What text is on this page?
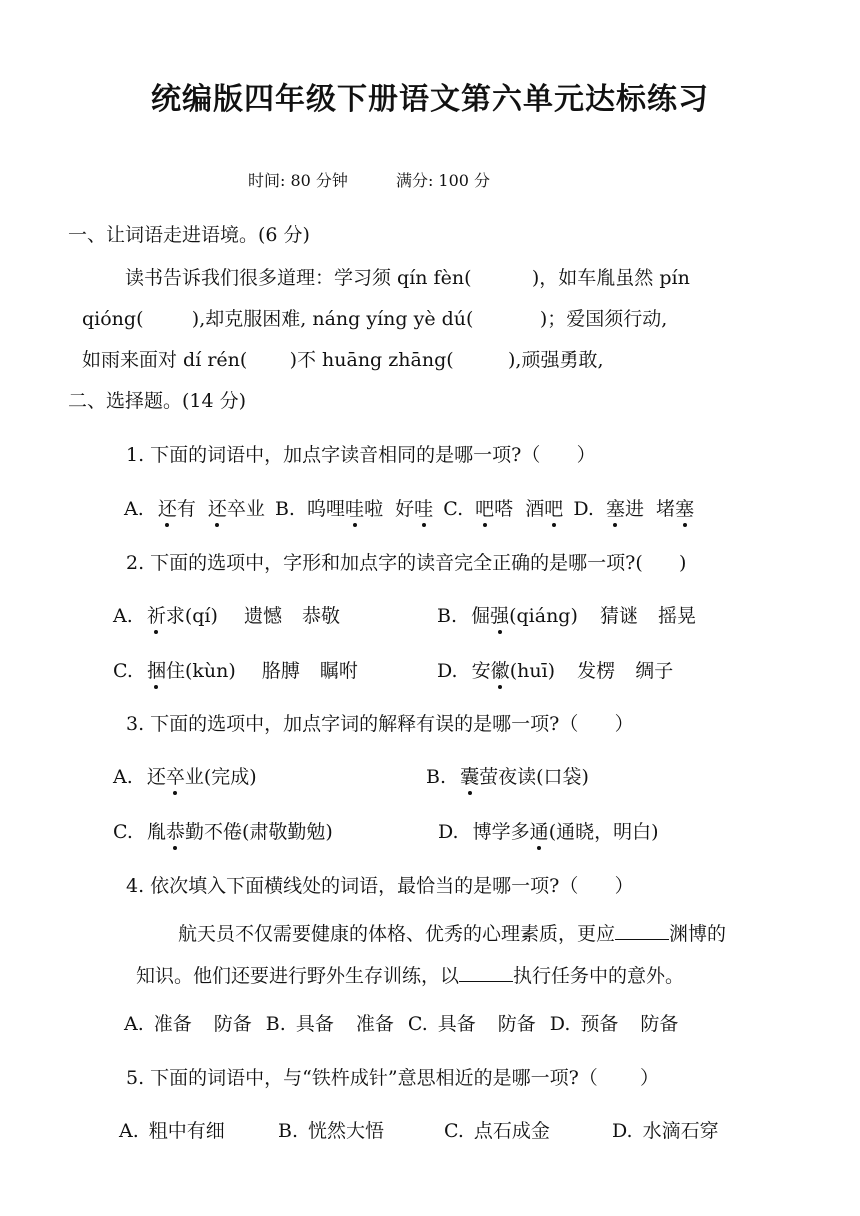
统编版四年级下册语文第六单元达标练习
时间: 80 分钟	满分: 100 分
一、让词语走进语境。(6 分)
读书告诉我们很多道理：学习须 qín fèn(          )，如车胤虽然 pín
qióng(        ),却克服困难, náng yíng yè dú(           )；爱国须行动,
如雨来面对 dí rén(       )不 huāng zhāng(         ),顽强勇敢,
二、选择题。(14 分)
1. 下面的词语中，加点字读音相同的是哪一项?（      ）
A. 还有 还卒业 B. 呜哩哇啦 好哇 C. 吧嗒 酒吧 D. 塞进 堵塞
2. 下面的选项中，字形和加点字的读音完全正确的是哪一项?(      )
A. 祈求(qí) 遗憾 恭敬	B. 倔强(qiáng) 猜谜 摇晃
C. 捆住(kùn) 胳膊 瞩咐	D. 安徽(huī) 发楞 绸子
3. 下面的选项中，加点字词的解释有误的是哪一项?（      ）
A. 还卒业(完成)	B. 囊萤夜读(口袋)
C. 胤恭勤不倦(肃敬勤勉)	D. 博学多通(通晓，明白)
4. 依次填入下面横线处的词语，最恰当的是哪一项?（      ）
航天员不仅需要健康的体格、优秀的心理素质，更应	渊博的
知识。他们还要进行野外生存训练，以	执行任务中的意外。
A. 准备 防备 B. 具备 准备 C. 具备 防备 D. 预备 防备
5. 下面的词语中，与“铁杵成针”意思相近的是哪一项?（       ）
A. 粗中有细	B. 恍然大悟	C. 点石成金	D. 水滴石穿
